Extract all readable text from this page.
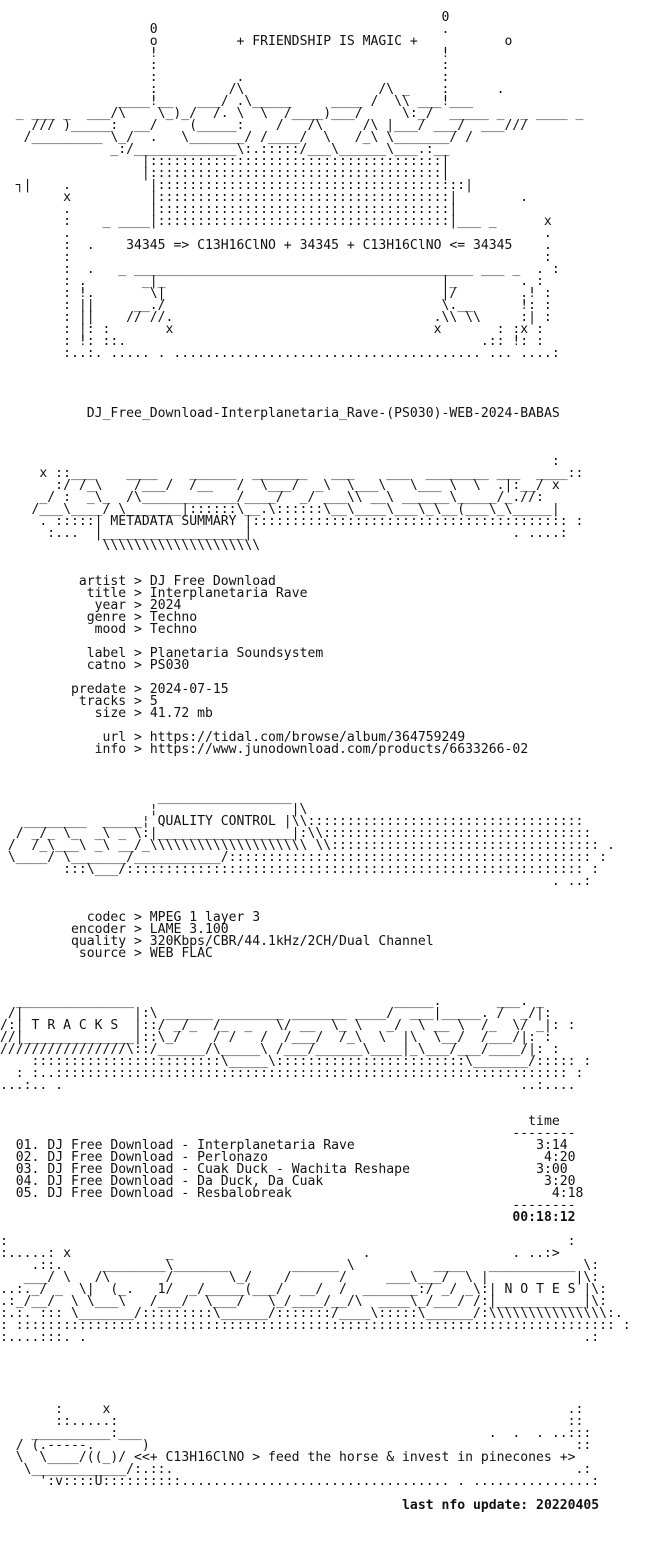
0
0                                    .
o          + FRIENDSHIP IS MAGIC +           o
!                                    !
:                                    :
:          .                         :
:         /\                 /\ _    :      .
____!__   ___/ .\_____     ____ /  \\ ___!___
_ ___ _  ___/\    \_)_/  /. \  \  /____)___/     \:_/  _____ _  _ ____ _
/// )_____:  __/    (_____:    /   /\     /\ |___/ ___/  ___///
/_________ \_/  .   \_______/ /____/  \   /_\ \_______/ /
_:/_____________\:.:::::/___\______\___.:__
|:::::::::::::::::::::::::::::::::::::|
|:::::::::::::::::::::::::::::::::::::|
┐|    .          |:::::::::::::::::::::::::::::::::::::::|
x          |:::::::::::::::::::::::::::::::::::::|        .
.          |:::::::::::::::::::::::::::::::::::::|
:    _ ____|:::::::::::::::::::::::::::::::::::::|___ _      x
.                                                            .
:  .    34345 => C13H16ClNO + 34345 + C13H16ClNO <= 34345    .
:                                                            :
:  .   _ ___________________________________________ ___ _  . :
: .       _|_                                   |_        . :
: !.       \|                                   |/        .! :
: ||     __./                                   \.__      !: :
: ||    // //.                                 .\\ \\     :| :
: |: :       x                                 x       : :x :
: !: ::.                                             .:: !: :
:..:. ..... . ....................................... ... ....:

DJ_Free_Download-Interplanetaria_Rave-(PS030)-WEB-2024-BABAS

:
x ::___    ____    ______  _______   ___    ___  ________ ___  ____::
:/ /_\    /___/  /__   /  \___/  _\  \___\   \___ \  \  .|:__/ x
_/ :  _\_  /\____________/____/  _/ ___\\ __\ ______\_____/_.//:
/___\____/ \_______|::::::\__.\::::::\__\____\___\_\__(___\_\_____|
. :::::| METADATA SUMMARY |:::::::::::::::::::::::::::::::::::::::: :
:...  |__________________|                                 . ....:
\\\\\\\\\\\\\\\\\\\\

artist > DJ Free Download
title > Interplanetaria Rave
year > 2024
genre > Techno
mood > Techno

label > Planetaria Soundsystem
catno > PS030

predate > 2024-07-15
tracks > 5
size > 41.72 mb

url > https://tidal.com/browse/album/364759249
info > https://www.junodownload.com/products/6633266-02

_________________
¦                 |\
________  _____¦ QUALITY CONTROL |\\:::::::::::::::::::::::::::::::::::
/ _/_ \_  _\ _ \:|_________________|:\\::::::::::::::::::::::::::::::::::
/  /_\___\ _\ __/_\\\\\\\\\\\\\\\\\\\\ \\:::::::::::::::::::::::::::::::::: .
\____/ \_______/___________/:::::::::::::::::::::::::::::::::::::::::::::: :
:::\___/:::::::::::::::::::::::::::::::::::::::::::::::::::::::::: :
. ..:

codec > MPEG 1 layer 3
encoder > LAME 3.100
quality > 320Kbps/CBR/44.1kHz/2CH/Dual Channel
source > WEB FLAC

_______________                                 _____.       ___. _
/|              |:\ ______ ________ _______ ____/  ___|_____. /  _/|:
/:| T R A C K S  |::/ _/_  /_  _   \/ __  \_ \   _/  \ __ \  /_  \/ _|: :
//|______________|::\_/    / /   /  /___/  /_\  \  |\  \__/  /___/|: :
////////////////\::/______/\_____\ /___/______\____|_\___/___/____/|: :
::::::::::::::::::::::::\_____\::::::::::::::::::::::::\_______/::::: :
: :..::::::::::::::::::::::::::::::::::::::::::::::::::::::::::::::::: :
...:.. .                                                          ..:....

time
--------
01. DJ Free Download - Interplanetaria Rave	3:14
02. DJ Free Download - Perlonazo	4:20
03. DJ Free Download - Cuak Duck - Wachita Reshape	3:00
04. DJ Free Download - Da Duck, Da Cuak	3:20
05. DJ Free Download - Resbalobreak	4:18
--------
00:18:12

:                                                                       :
:.....: x            _                        .                  . ..:>
.::.     ________\_______        ______ \          ____   ___________ \:
___/ \   /\       /       \_/    /      /     ___\___/  \ |           |\:
..:._/ _  \|  (_.   1/  _/_____(___/  __/  /  _______:/ _/ _\:| N O T E S |\:
.:_/__/  \ \___\   /___/  \___/   \_/____/__/\  ____\_/___/ /:|___________|\:
:.:. ::: \_______/:::::::::\______/:::::::/____\:::::\______/:\\\\\\\\\\\\\\\:.
: :::::::::::::::::::::::::::::::::::::::::::::::::::::::::::::::::::::::::::: :
:....:::. .                                                               .:

:     x                                                          .:
::.....:                                                         ::
__________:___                                            .  .  . ..:::
/ (.-----.      )                                                      ::
\  \____/((_)/ <<+ C13H16ClNO > feed the horse & invest in pinecones +>
\____________/:.::.                                                   .:
':v::::U::::::::::.................................. . ...............:

last nfo update: 20220405
